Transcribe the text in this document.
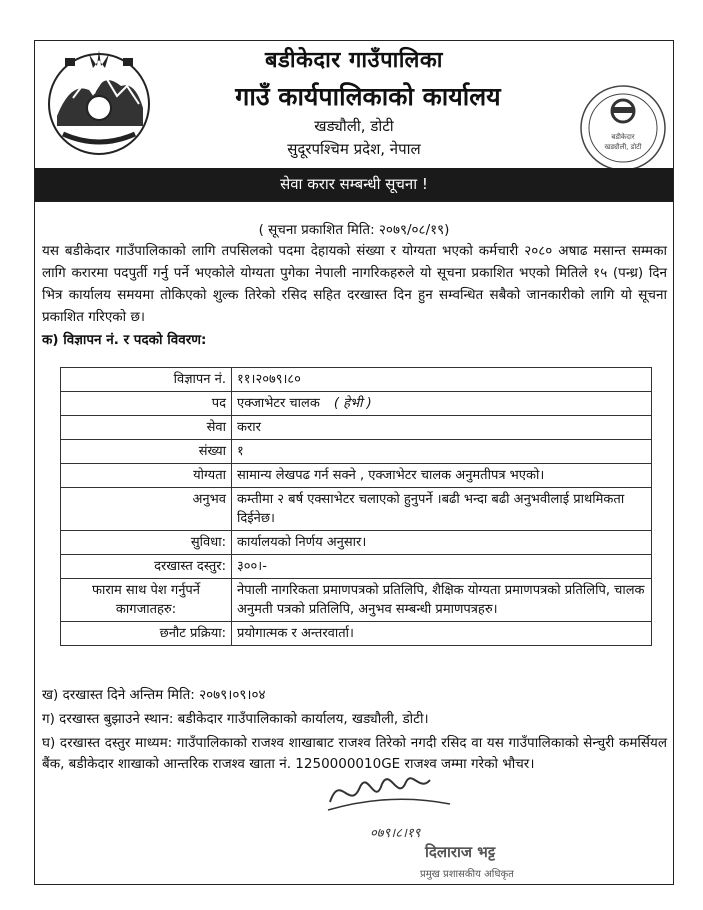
बडीकेदार गाउँपालिका
गाउँ कार्यपालिकाको कार्यालय
खड्यौली, डोटी
सुदूरपश्चिम प्रदेश, नेपाल
बडीकेदार
खड्यौली, डोटी
सेवा करार सम्बन्धी सूचना !
( सूचना प्रकाशित मिति: २०७९/०८/१९)
यस बडीकेदार गाउँपालिकाको लागि तपसिलको पदमा देहायको संख्या र योग्यता भएको कर्मचारी २०८० अषाढ मसान्त सम्मका लागि करारमा पदपुर्ती गर्नु पर्ने भएकोले योग्यता पुगेका नेपाली नागरिकहरुले यो सूचना प्रकाशित भएको मितिले १५ (पन्ध्र) दिन भित्र कार्यालय समयमा तोकिएको शुल्क तिरेको रसिद सहित दरखास्त दिन हुन सम्वन्धित सबैको जानकारीको लागि यो सूचना प्रकाशित गरिएको छ।
क) विज्ञापन नं. र पदको विवरण:
विज्ञापन नं.	११।२०७९।८०
पद	एक्जाभेटर चालक ( हेभी )
सेवा	करार
संख्या	१
योग्यता	सामान्य लेखपढ गर्न सक्ने , एक्जाभेटर चालक अनुमतीपत्र भएको।
अनुभव	कम्तीमा २ बर्ष एक्साभेटर चलाएको हुनुपर्ने ।बढी भन्दा बढी अनुभवीलाई प्राथमिकता दिईनेछ।
सुविधा:	कार्यालयको निर्णय अनुसार।
दरखास्त दस्तुर:	३००।-
फाराम साथ पेश गर्नुपर्ने कागजातहरु:	नेपाली नागरिकता प्रमाणपत्रको प्रतिलिपि, शैक्षिक योग्यता प्रमाणपत्रको प्रतिलिपि, चालक अनुमती पत्रको प्रतिलिपि, अनुभव सम्बन्धी प्रमाणपत्रहरु।
छनौट प्रक्रिया:	प्रयोगात्मक र अन्तरवार्ता।

ख) दरखास्त दिने अन्तिम मिति: २०७९।०९।०४

ग) दरखास्त बुझाउने स्थान: बडीकेदार गाउँपालिकाको कार्यालय, खड्यौली, डोटी।

घ) दरखास्त दस्तुर माध्यम: गाउँपालिकाको राजश्व शाखाबाट राजश्व तिरेको नगदी रसिद वा यस गाउँपालिकाको सेन्चुरी कमर्सियल बैंक, बडीकेदार शाखाको आन्तरिक राजश्व खाता नं. 1250000010GE राजश्व जम्मा गरेको भौचर।

०७९।८।१९
दिलाराज भट्ट
प्रमुख प्रशासकीय अधिकृत
